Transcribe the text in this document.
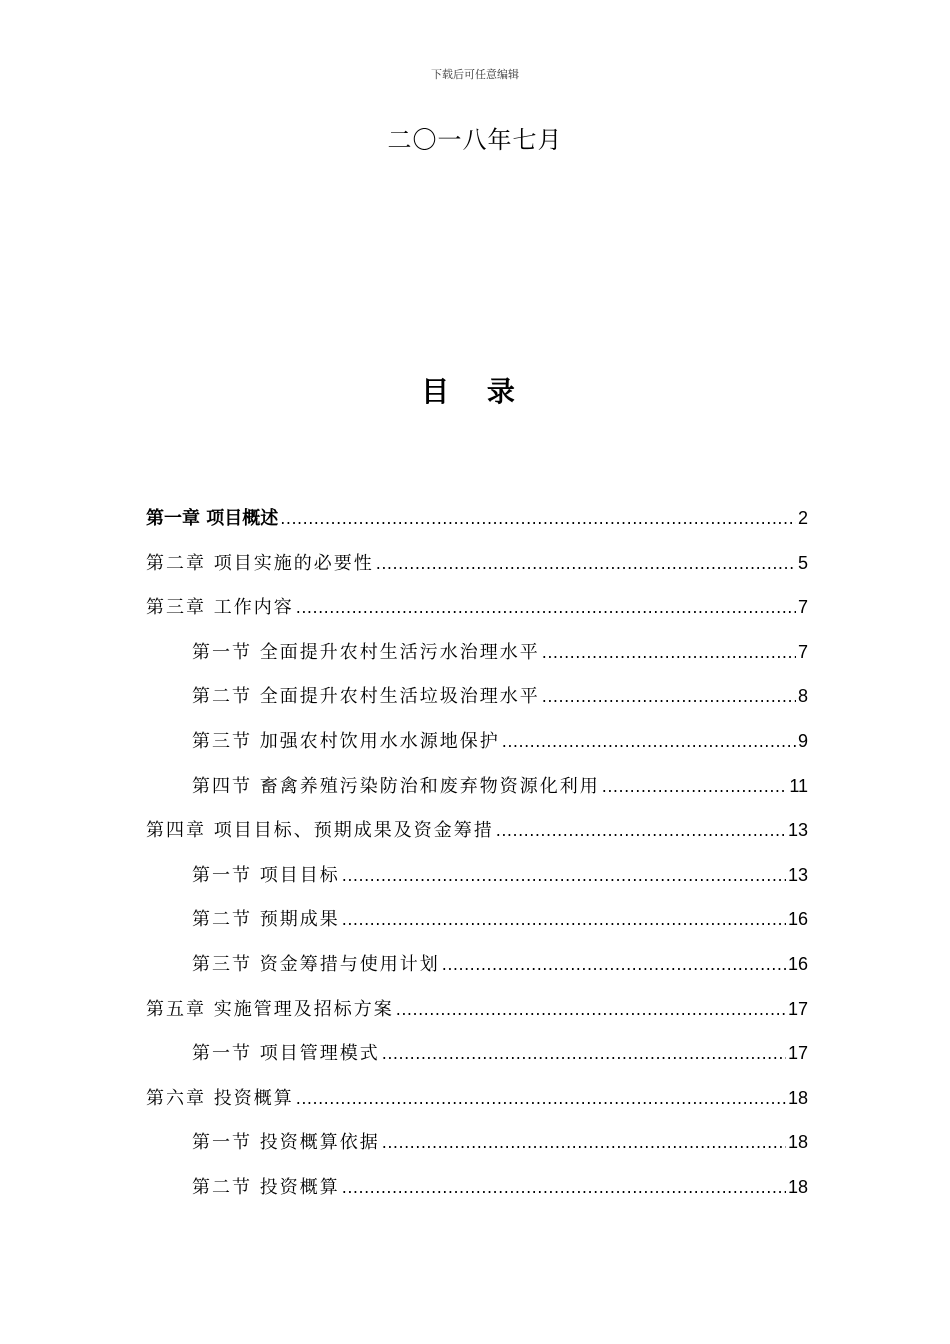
下载后可任意编辑
二〇一八年七月
目 录
第一章 项目概述 .....	2
第二章 项目实施的必要性 .....	5
第三章 工作内容 .....	7
第一节 全面提升农村生活污水治理水平 .....	7
第二节 全面提升农村生活垃圾治理水平 .....	8
第三节 加强农村饮用水水源地保护 .....	9
第四节 畜禽养殖污染防治和废弃物资源化利用 .....	11
第四章 项目目标、预期成果及资金筹措 .....	13
第一节 项目目标 .....	13
第二节 预期成果 .....	16
第三节 资金筹措与使用计划 .....	16
第五章 实施管理及招标方案 .....	17
第一节 项目管理模式 .....	17
第六章 投资概算 .....	18
第一节 投资概算依据 .....	18
第二节 投资概算 .....	18
